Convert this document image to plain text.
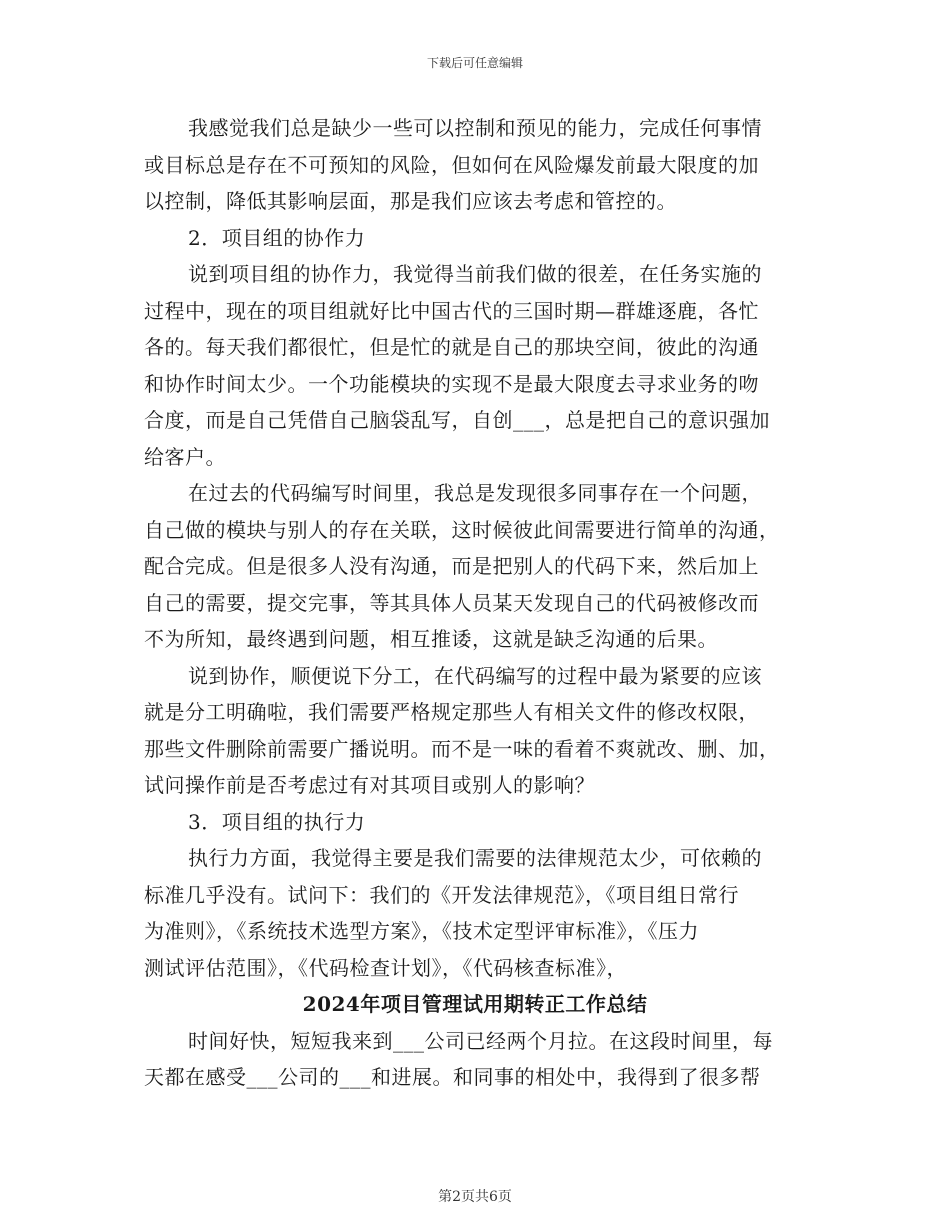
下载后可任意编辑
我感觉我们总是缺少一些可以控制和预见的能力，完成任何事情
或目标总是存在不可预知的风险，但如何在风险爆发前最大限度的加
以控制，降低其影响层面，那是我们应该去考虑和管控的。
2．项目组的协作力
说到项目组的协作力，我觉得当前我们做的很差，在任务实施的
过程中，现在的项目组就好比中国古代的三国时期—群雄逐鹿，各忙
各的。每天我们都很忙，但是忙的就是自己的那块空间，彼此的沟通
和协作时间太少。一个功能模块的实现不是最大限度去寻求业务的吻
合度，而是自己凭借自己脑袋乱写，自创___，总是把自己的意识强加
给客户。
在过去的代码编写时间里，我总是发现很多同事存在一个问题，
自己做的模块与别人的存在关联，这时候彼此间需要进行简单的沟通，
配合完成。但是很多人没有沟通，而是把别人的代码下来，然后加上
自己的需要，提交完事，等其具体人员某天发现自己的代码被修改而
不为所知，最终遇到问题，相互推诿，这就是缺乏沟通的后果。
说到协作，顺便说下分工，在代码编写的过程中最为紧要的应该
就是分工明确啦，我们需要严格规定那些人有相关文件的修改权限，
那些文件删除前需要广播说明。而不是一味的看着不爽就改、删、加，
试问操作前是否考虑过有对其项目或别人的影响？
3．项目组的执行力
执行力方面，我觉得主要是我们需要的法律规范太少，可依赖的
标准几乎没有。试问下：我们的《开发法律规范》，《项目组日常行
为准则》，《系统技术选型方案》，《技术定型评审标准》，《压力
测试评估范围》，《代码检查计划》，《代码核查标准》，
2024年项目管理试用期转正工作总结
时间好快，短短我来到___公司已经两个月拉。在这段时间里，每
天都在感受___公司的___和进展。和同事的相处中，我得到了很多帮
第2页共6页
